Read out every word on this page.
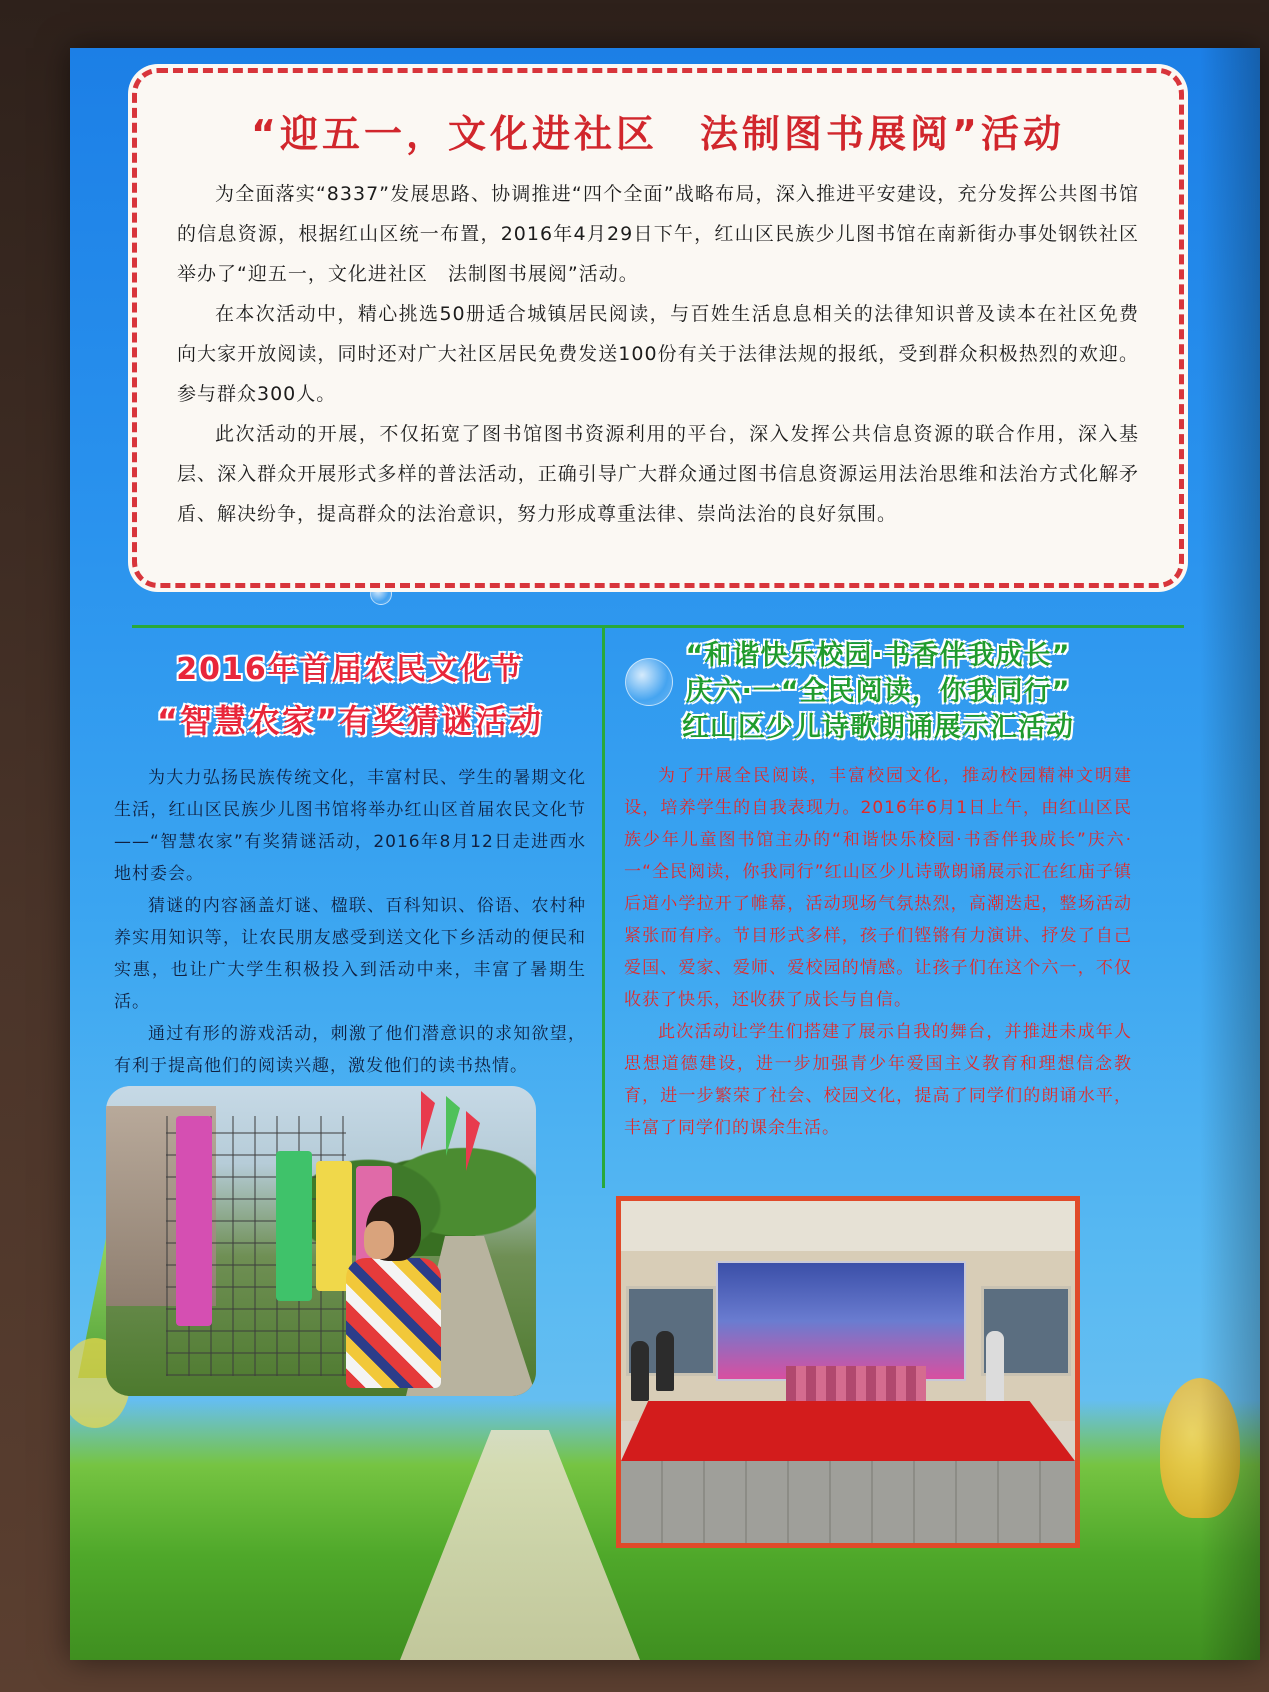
“迎五一，文化进社区　法制图书展阅”活动

为全面落实“8337”发展思路、协调推进“四个全面”战略布局，深入推进平安建设，充分发挥公共图书馆的信息资源，根据红山区统一布置，2016年4月29日下午，红山区民族少儿图书馆在南新街办事处钢铁社区举办了“迎五一，文化进社区　法制图书展阅”活动。

在本次活动中，精心挑选50册适合城镇居民阅读，与百姓生活息息相关的法律知识普及读本在社区免费向大家开放阅读，同时还对广大社区居民免费发送100份有关于法律法规的报纸，受到群众积极热烈的欢迎。参与群众300人。

此次活动的开展，不仅拓宽了图书馆图书资源利用的平台，深入发挥公共信息资源的联合作用，深入基层、深入群众开展形式多样的普法活动，正确引导广大群众通过图书信息资源运用法治思维和法治方式化解矛盾、解决纷争，提高群众的法治意识，努力形成尊重法律、崇尚法治的良好氛围。

2016年首届农民文化节
“智慧农家”有奖猜谜活动

为大力弘扬民族传统文化，丰富村民、学生的暑期文化生活，红山区民族少儿图书馆将举办红山区首届农民文化节——“智慧农家”有奖猜谜活动，2016年8月12日走进西水地村委会。

猜谜的内容涵盖灯谜、楹联、百科知识、俗语、农村种养实用知识等，让农民朋友感受到送文化下乡活动的便民和实惠，也让广大学生积极投入到活动中来，丰富了暑期生活。

通过有形的游戏活动，刺激了他们潜意识的求知欲望，有利于提高他们的阅读兴趣，激发他们的读书热情。

“和谐快乐校园·书香伴我成长”
庆六·一“全民阅读，你我同行”
红山区少儿诗歌朗诵展示汇活动

为了开展全民阅读，丰富校园文化，推动校园精神文明建设，培养学生的自我表现力。2016年6月1日上午，由红山区民族少年儿童图书馆主办的“和谐快乐校园·书香伴我成长”庆六·一“全民阅读，你我同行”红山区少儿诗歌朗诵展示汇在红庙子镇后道小学拉开了帷幕，活动现场气氛热烈，高潮迭起，整场活动紧张而有序。节目形式多样，孩子们铿锵有力演讲、抒发了自己爱国、爱家、爱师、爱校园的情感。让孩子们在这个六一，不仅收获了快乐，还收获了成长与自信。

此次活动让学生们搭建了展示自我的舞台，并推进未成年人思想道德建设，进一步加强青少年爱国主义教育和理想信念教育，进一步繁荣了社会、校园文化，提高了同学们的朗诵水平，丰富了同学们的课余生活。
